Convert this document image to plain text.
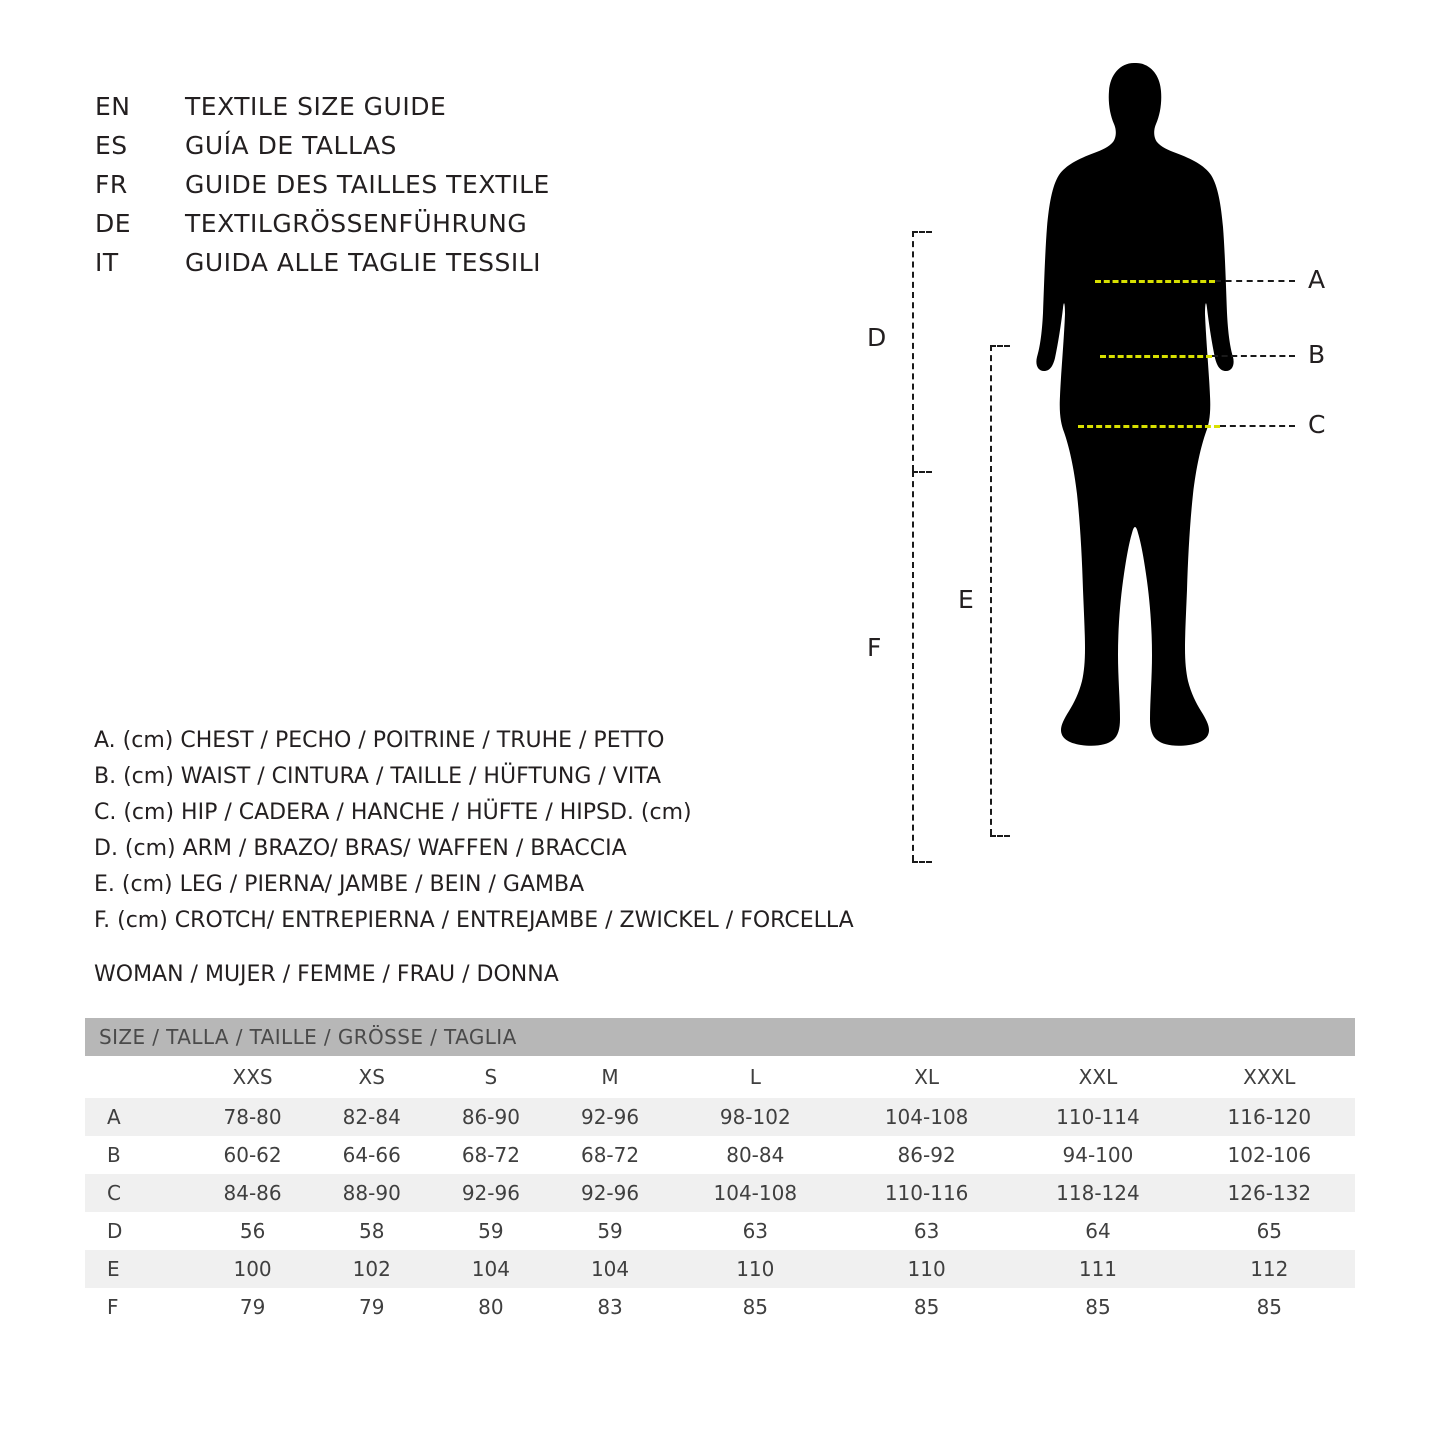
EN	TEXTILE SIZE GUIDE
ES	GUÍA DE TALLAS
FR	GUIDE DES TAILLES TEXTILE
DE	TEXTILGRÖSSENFÜHRUNG
IT	GUIDA ALLE TAGLIE TESSILI
A
B
C
D
E
F
A. (cm) CHEST / PECHO / POITRINE / TRUHE / PETTO
B. (cm) WAIST / CINTURA / TAILLE / HÜFTUNG / VITA
C. (cm) HIP / CADERA / HANCHE / HÜFTE / HIPSD. (cm)
D. (cm) ARM / BRAZO/ BRAS/ WAFFEN / BRACCIA
E. (cm) LEG / PIERNA/ JAMBE / BEIN / GAMBA
F. (cm) CROTCH/ ENTREPIERNA / ENTREJAMBE / ZWICKEL / FORCELLA
WOMAN / MUJER / FEMME / FRAU / DONNA
SIZE / TALLA / TAILLE / GRÖSSE / TAGLIA								
	XXS	XS	S	M	L	XL	XXL	XXXL
A	78-80	82-84	86-90	92-96	98-102	104-108	110-114	116-120
B	60-62	64-66	68-72	68-72	80-84	86-92	94-100	102-106
C	84-86	88-90	92-96	92-96	104-108	110-116	118-124	126-132
D	56	58	59	59	63	63	64	65
E	100	102	104	104	110	110	111	112
F	79	79	80	83	85	85	85	85
